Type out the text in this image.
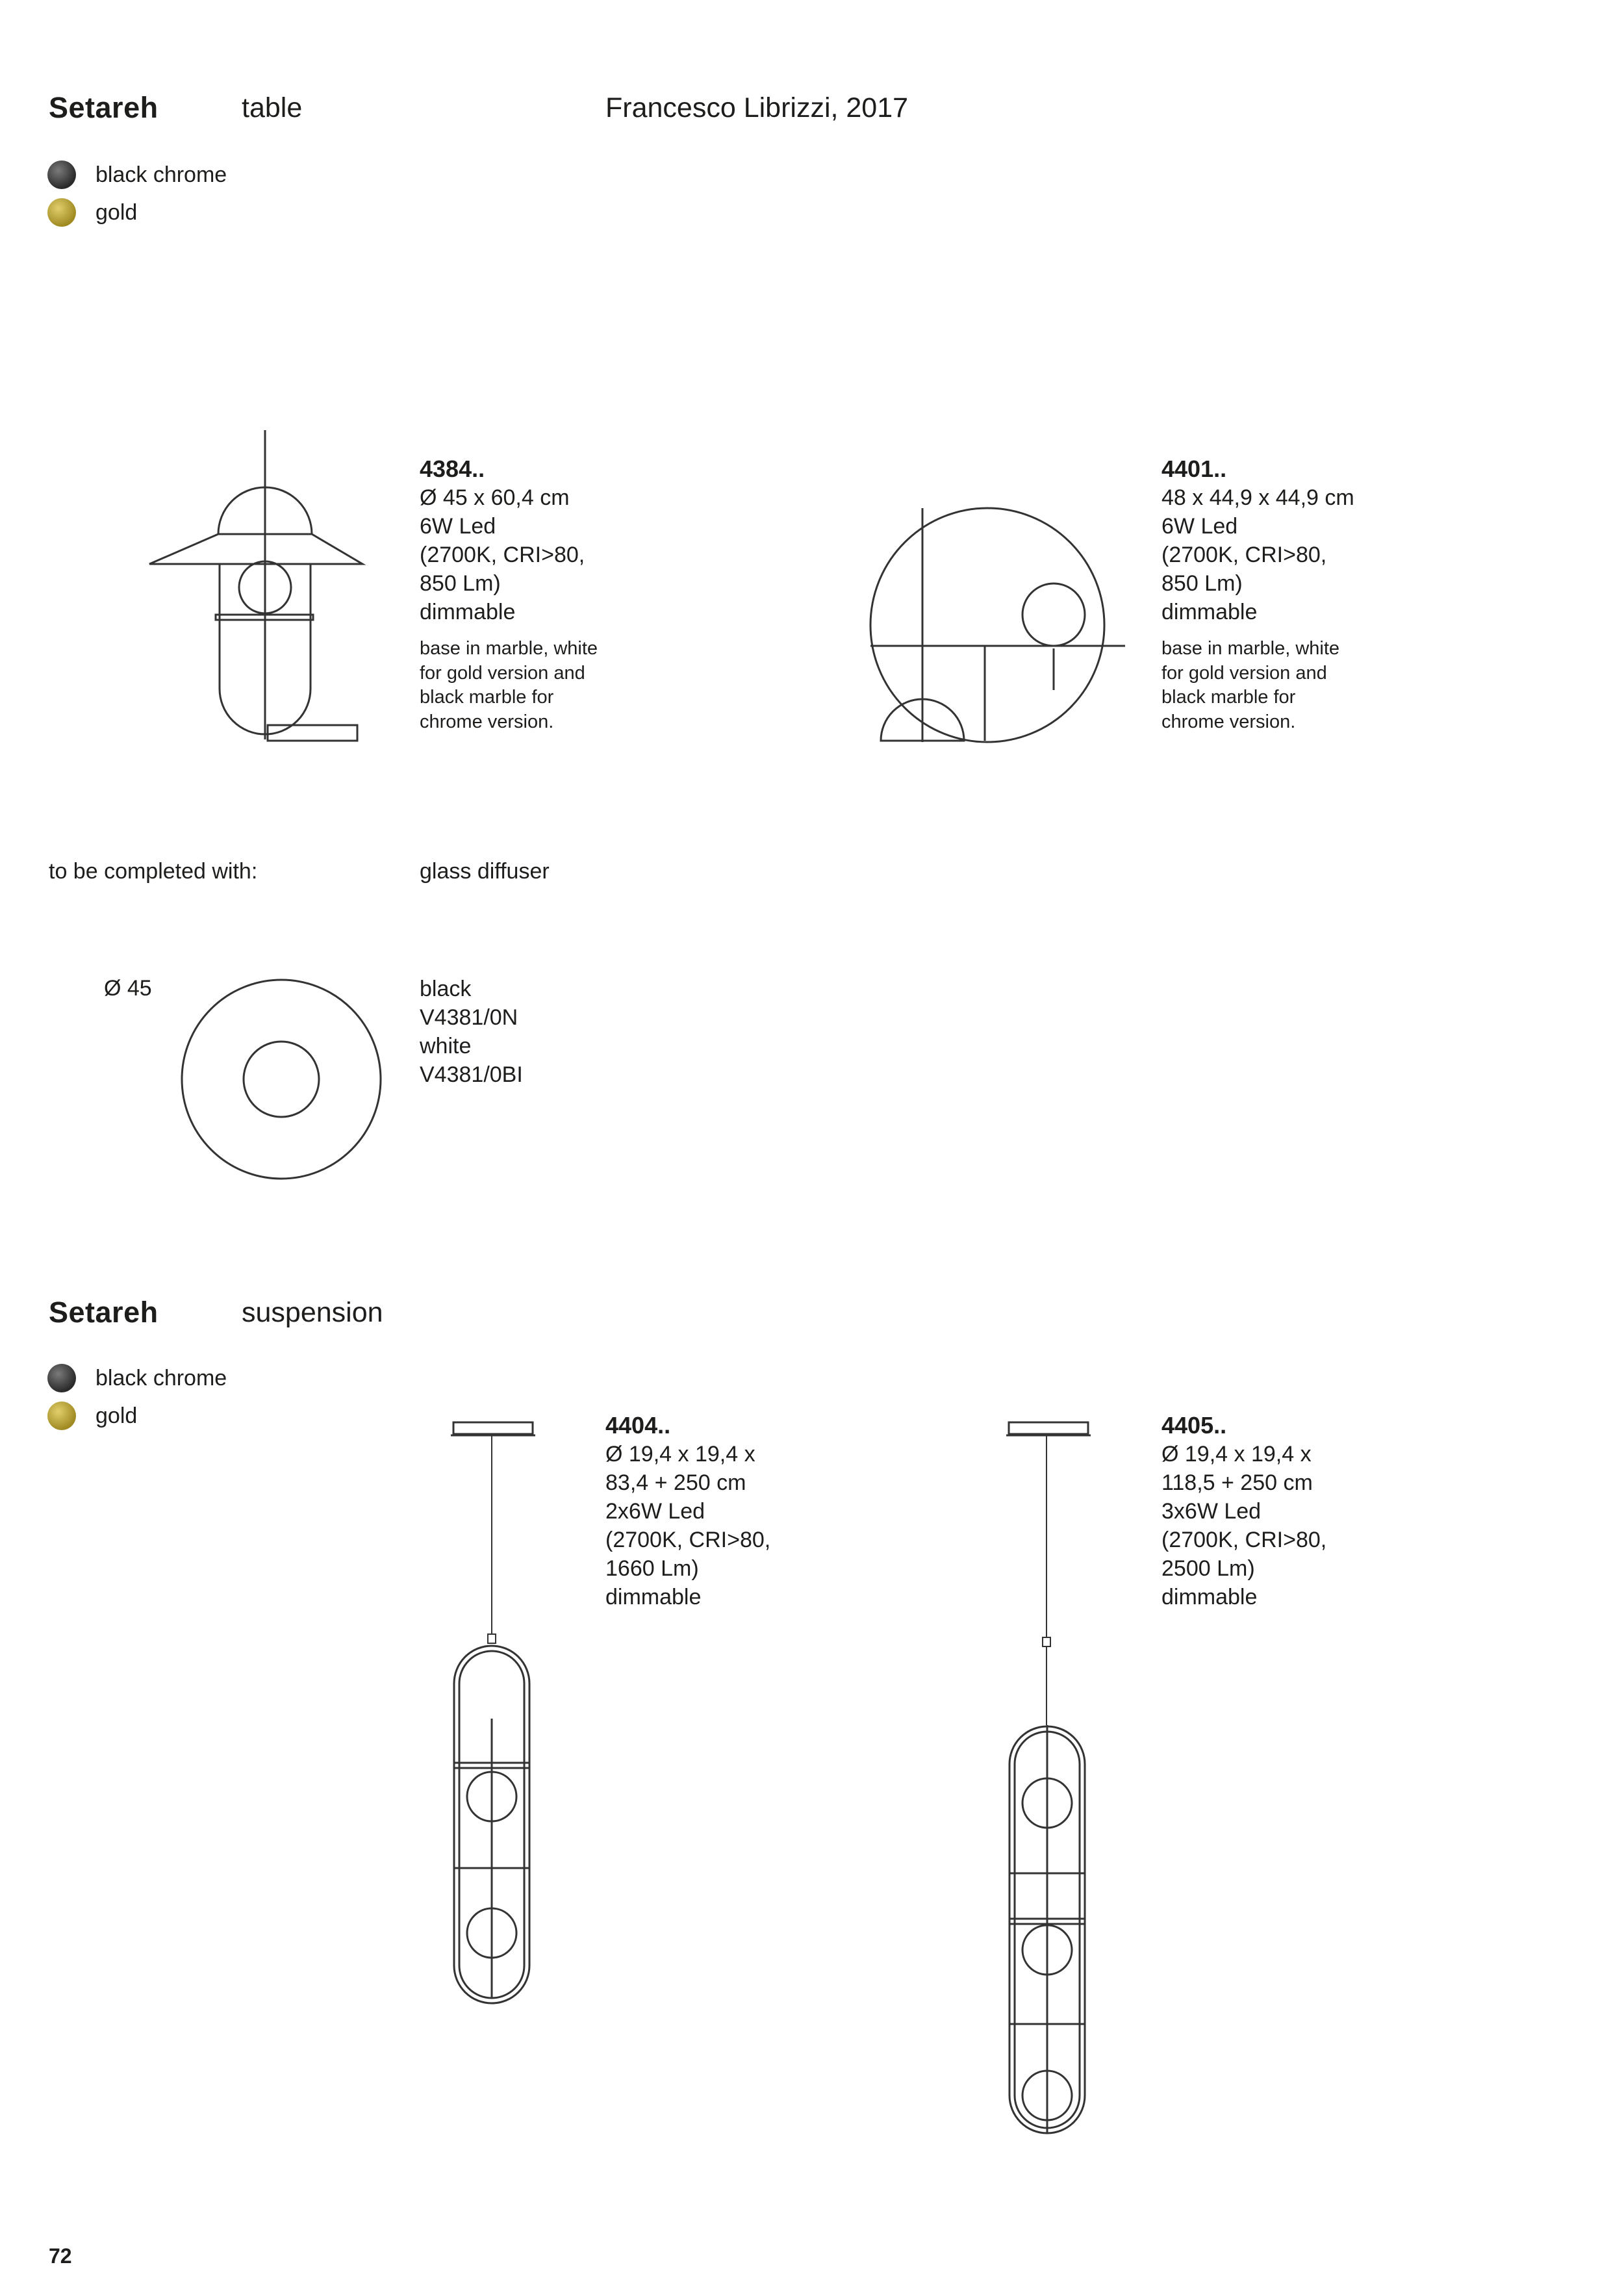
Setareh	table	Francesco Librizzi, 2017
black chrome
gold
4384..
Ø 45 x 60,4 cm
6W Led
(2700K, CRI>80,
850 Lm)
dimmable
base in marble, white
for gold version and
black marble for
chrome version.
4401..
48 x 44,9 x 44,9 cm
6W Led
(2700K, CRI>80,
850 Lm)
dimmable
base in marble, white
for gold version and
black marble for
chrome version.
to be completed with:	glass diffuser
Ø 45	black
V4381/0N
white
V4381/0BI
Setareh	suspension
black chrome
gold	4404..
Ø 19,4 x 19,4 x
83,4 + 250 cm
2x6W Led
(2700K, CRI>80,
1660 Lm)
dimmable
4405..
Ø 19,4 x 19,4 x
118,5 + 250 cm
3x6W Led
(2700K, CRI>80,
2500 Lm)
dimmable
72
